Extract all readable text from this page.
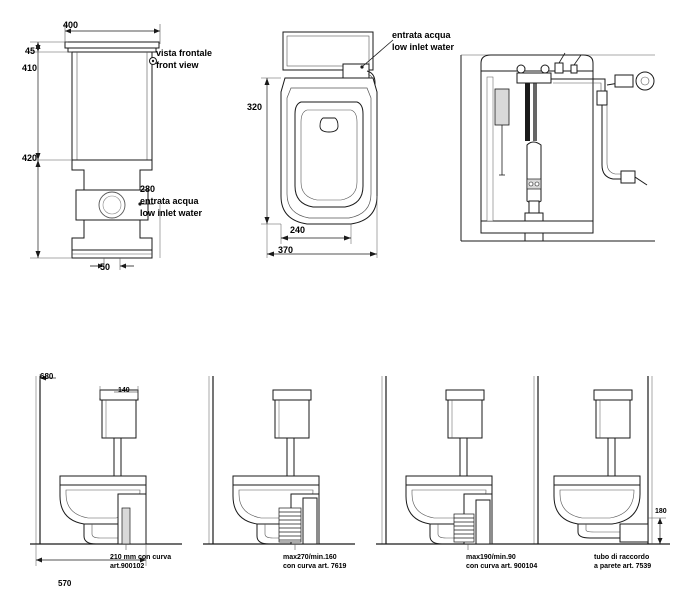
400
45
410
420
280
50
vista frontale
front view
entrata acqua
low inlet water
320
240
370
entrata acqua
low inlet water
680
140
570
210 mm con curva
art.900102
max270/min.160
con curva art. 7619
max190/min.90
con curva art. 900104
180
tubo di raccordo
a parete art. 7539
